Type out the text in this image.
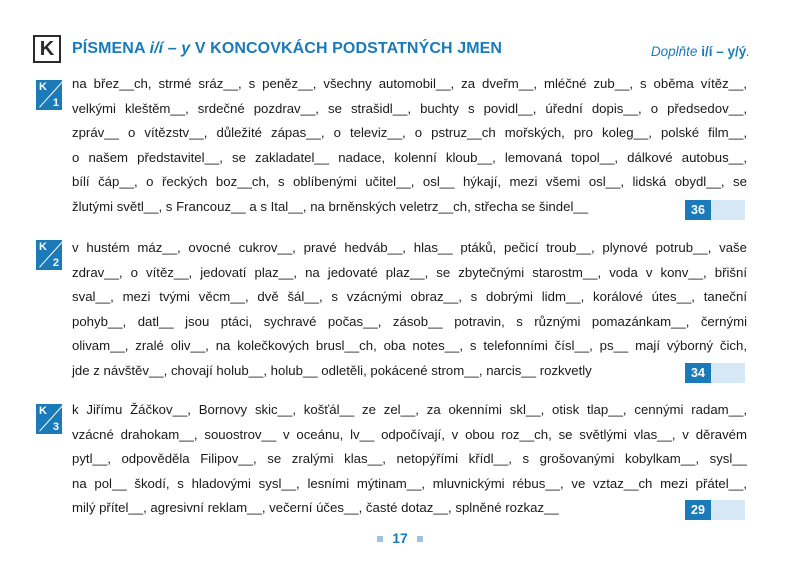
K	PÍSMENA i/í – y V KONCOVKÁCH PODSTATNÝCH JMEN	Doplňte i/í – y/ý.
K
1
na břez__ch, strmé sráz__, s peněz__, všechny automobil__, za dveřm__, mléčné zub__, s oběma vítěz__,
velkými kleštěm__, srdečné pozdrav__, se strašidl__, buchty s povidl__, úřední dopis__, o předsedov__,
zpráv__ o vítězstv__, důležité zápas__, o televiz__, o pstruz__ch mořských, pro koleg__, polské film__,
o našem představitel__, se zakladatel__ nadace, kolenní kloub__, lemovaná topol__, dálkové autobus__,
bílí čáp__, o řeckých boz__ch, s oblíbenými učitel__, osl__ hýkají, mezi všemi osl__, lidská obydl__, se
žlutými světl__, s Francouz__ a s Ital__, na brněnských veletrz__ch, střecha se šindel__	36
K
2
v hustém máz__, ovocné cukrov__, pravé hedváb__, hlas__ ptáků, pečicí troub__, plynové potrub__, vaše
zdrav__, o vítěz__, jedovatí plaz__, na jedovaté plaz__, se zbytečnými starostm__, voda v konv__, břišní
sval__, mezi tvými věcm__, dvě šál__, s vzácnými obraz__, s dobrými lidm__, korálové útes__, taneční
pohyb__, datl__ jsou ptáci, sychravé počas__, zásob__ potravin, s různými pomazánkam__, černými
olivam__, zralé oliv__, na kolečkových brusl__ch, oba notes__, s telefonními čísl__, ps__ mají výborný čich,
jde z návštěv__, chovají holub__, holub__ odletěli, pokácené strom__, narcis__ rozkvetly	34
K
3
k Jiřímu Žáčkov__, Bornovy skic__, košťál__ ze zel__, za okenními skl__, otisk tlap__, cennými radam__,
vzácné drahokam__, souostrov__ v oceánu, lv__ odpočívají, v obou roz__ch, se světlými vlas__, v děravém
pytl__, odpověděla Filipov__, se zralými klas__, netopýřími křídl__, s grošovanými kobylkam__, sysl__
na pol__ škodí, s hladovými sysl__, lesními mýtinam__, mluvnickými rébus__, ve vztaz__ch mezi přátel__,
milý přítel__, agresivní reklam__, večerní účes__, časté dotaz__, splněné rozkaz__	29
17
